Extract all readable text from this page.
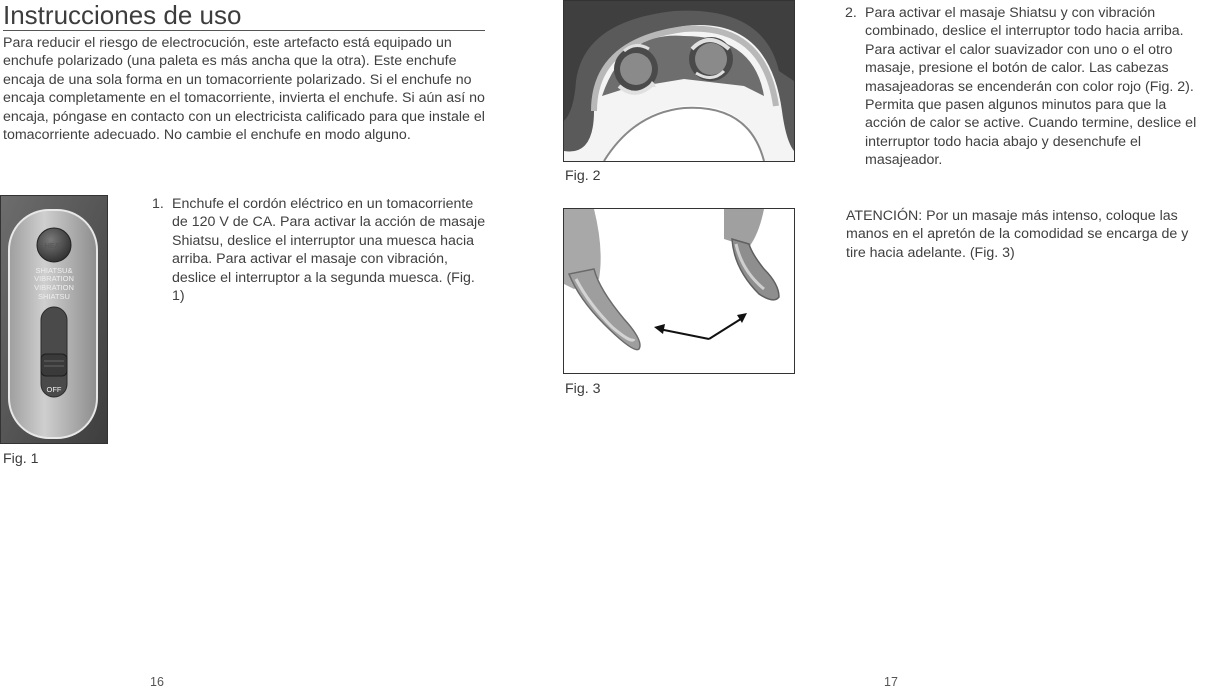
Instrucciones de uso
Para reducir el riesgo de electrocución, este artefacto está equipado un enchufe polarizado (una paleta es más ancha que la otra). Este enchufe encaja de una sola forma en un tomacorriente polarizado. Si el enchufe no encaja completamente en el tomacorriente, invierta el enchufe. Si aún así no encaja, póngase en contacto con un electricista calificado para que instale el tomacorriente adecuado. No cambie el enchufe en modo alguno.
1. Enchufe el cordón eléctrico en un tomacorriente de 120 V de CA. Para activar la acción de masaje Shiatsu, deslice el interruptor una muesca hacia arriba. Para activar el masaje con vibración, deslice el interruptor a la segunda muesca. (Fig. 1)
HEAT
SHIATSU&
VIBRATION
VIBRATION
SHIATSU
OFF
Fig. 1
16
Fig. 2
Fig. 3
2. Para activar el masaje Shiatsu y con vibración combinado, deslice el interruptor todo hacia arriba. Para activar el calor suavizador con uno o el otro masaje, presione el botón de calor. Las cabezas masajeadoras se encenderán con color rojo (Fig. 2). Permita que pasen algunos minutos para que la acción de calor se active. Cuando termine, deslice el interruptor todo hacia abajo y desenchufe el masajeador.
ATENCIÓN: Por un masaje más intenso, coloque las manos en el apretón de la comodidad se encarga de y tire hacia adelante. (Fig. 3)
17
